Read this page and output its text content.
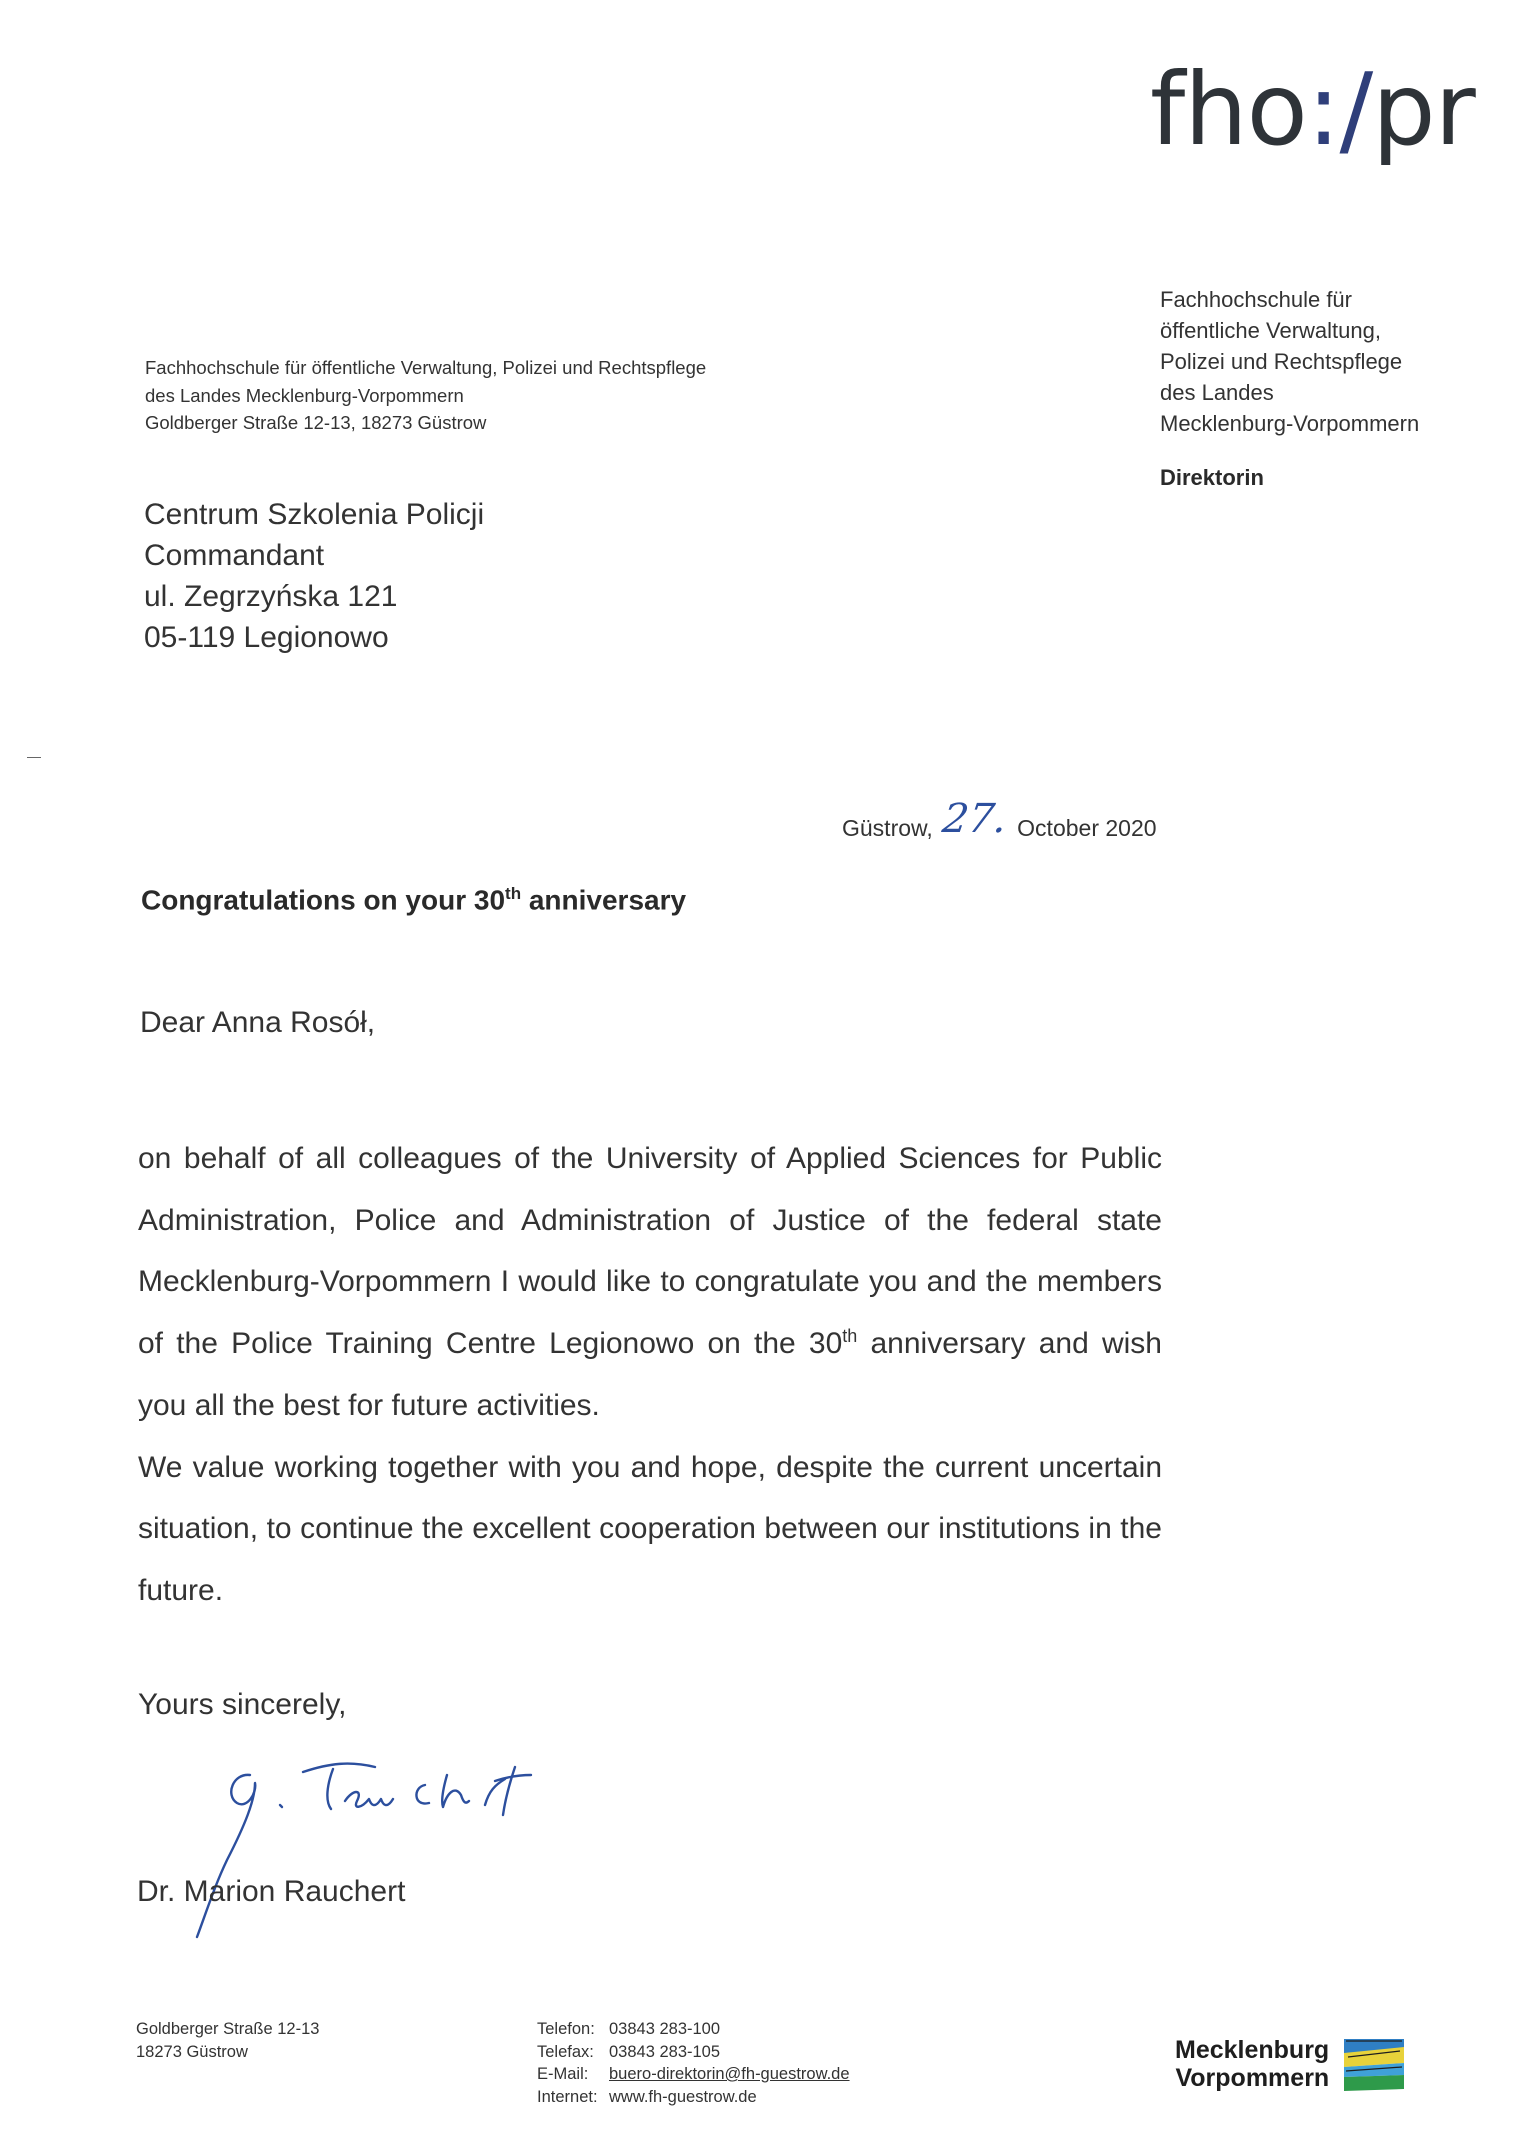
fho:/pr
Fachhochschule für
öffentliche Verwaltung,
Polizei und Rechtspflege
des Landes
Mecklenburg-Vorpommern
Direktorin
Fachhochschule für öffentliche Verwaltung, Polizei und Rechtspflege
des Landes Mecklenburg-Vorpommern
Goldberger Straße 12-13, 18273 Güstrow
Centrum Szkolenia Policji
Commandant
ul. Zegrzyńska 121
05-119 Legionowo
Güstrow, 27. October 2020
Congratulations on your 30th anniversary
Dear Anna Rosół,

on behalf of all colleagues of the University of Applied Sciences for Public Administration, Police and Administration of Justice of the federal state Mecklenburg-Vorpommern I would like to congratulate you and the members of the Police Training Centre Legionowo on the 30th anniversary and wish you all the best for future activities.

We value working together with you and hope, despite the current uncertain situation, to continue the excellent cooperation between our institutions in the future.

Yours sincerely,
Dr. Marion Rauchert
Goldberger Straße 12-13
18273 Güstrow
Telefon: 03843 283-100
Telefax: 03843 283-105
E-Mail:	buero-direktorin@fh-guestrow.de
Internet: www.fh-guestrow.de
Mecklenburg
Vorpommern
